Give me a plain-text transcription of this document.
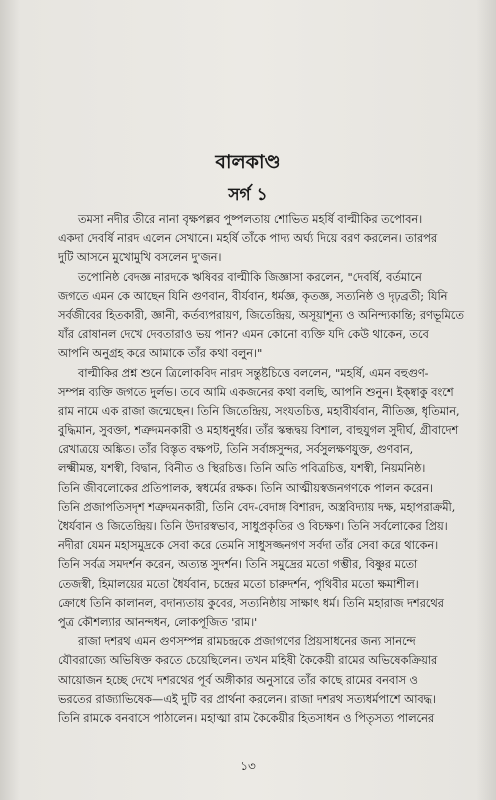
বালকাণ্ড
সর্গ ১
তমসা নদীর তীরে নানা বৃক্ষপল্লব পুষ্পলতায় শোভিত মহর্ষি বাল্মীকির তপোবন।
একদা দেবর্ষি নারদ এলেন সেখানে। মহর্ষি তাঁকে পাদ্য অর্ঘ্য দিয়ে বরণ করলেন। তারপর
দুটি আসনে মুখোমুখি বসলেন দু'জন।
তপোনিষ্ঠ বেদজ্ঞ নারদকে ঋষিবর বাল্মীকি জিজ্ঞাসা করলেন, "দেবর্ষি, বর্তমানে
জগতে এমন কে আছেন যিনি গুণবান, বীর্যবান, ধর্মজ্ঞ, কৃতজ্ঞ, সত্যনিষ্ঠ ও দৃঢ়ব্রতী; যিনি
সর্বজীবের হিতকারী, জ্ঞানী, কর্তব্যপরায়ণ, জিতেন্দ্রিয়, অসূয়াশূন্য ও অনিন্দ্যকান্তি; রণভূমিতে
যাঁর রোষানল দেখে দেবতারাও ভয় পান? এমন কোনো ব্যক্তি যদি কেউ থাকেন, তবে
আপনি অনুগ্রহ করে আমাকে তাঁর কথা বলুন।"
বাল্মীকির প্রশ্ন শুনে ত্রিলোকবিদ নারদ সন্তুষ্টচিত্তে বললেন, "মহর্ষি, এমন বহুগুণ-
সম্পন্ন ব্যক্তি জগতে দুর্লভ। তবে আমি একজনের কথা বলছি, আপনি শুনুন। ইক্ষ্বাকু বংশে
রাম নামে এক রাজা জন্মেছেন। তিনি জিতেন্দ্রিয়, সংযতচিত্ত, মহাবীর্যবান, নীতিজ্ঞ, ধৃতিমান,
বুদ্ধিমান, সুবক্তা, শত্রুদমনকারী ও মহাধনুর্ধর। তাঁর স্কন্ধদ্বয় বিশাল, বাহুযুগল সুদীর্ঘ, গ্রীবাদেশ
রেখাত্রয়ে অঙ্কিত। তাঁর বিস্তৃত বক্ষপট, তিনি সর্বাঙ্গসুন্দর, সর্বসুলক্ষণযুক্ত, গুণবান,
লক্ষ্মীমন্ত, যশস্বী, বিদ্বান, বিনীত ও স্থিরচিত্ত। তিনি অতি পবিত্রচিত্ত, যশস্বী, নিয়মনিষ্ঠ।
তিনি জীবলোকের প্রতিপালক, স্বধর্মের রক্ষক। তিনি আত্মীয়স্বজনগণকে পালন করেন।
তিনি প্রজাপতিসদৃশ শত্রুদমনকারী, তিনি বেদ-বেদাঙ্গ বিশারদ, অস্ত্রবিদ্যায় দক্ষ, মহাপরাক্রমী,
ধৈর্যবান ও জিতেন্দ্রিয়। তিনি উদারস্বভাব, সাধুপ্রকৃতির ও বিচক্ষণ। তিনি সর্বলোকের প্রিয়।
নদীরা যেমন মহাসমুদ্রকে সেবা করে তেমনি সাধুসজ্জনগণ সর্বদা তাঁর সেবা করে থাকেন।
তিনি সর্বত্র সমদর্শন করেন, অত্যন্ত সুদর্শন। তিনি সমুদ্রের মতো গম্ভীর, বিষ্ণুর মতো
তেজস্বী, হিমালয়ের মতো ধৈর্যবান, চন্দ্রের মতো চারুদর্শন, পৃথিবীর মতো ক্ষমাশীল।
ক্রোধে তিনি কালানল, বদান্যতায় কুবের, সত্যনিষ্ঠায় সাক্ষাৎ ধর্ম। তিনি মহারাজ দশরথের
পুত্র কৌশল্যার আনন্দধন, লোকপূজিত 'রাম।'
রাজা দশরথ এমন গুণসম্পন্ন রামচন্দ্রকে প্রজাগণের প্রিয়সাধনের জন্য সানন্দে
যৌবরাজ্যে অভিষিক্ত করতে চেয়েছিলেন। তখন মহিষী কৈকেয়ী রামের অভিষেকক্রিয়ার
আয়োজন হচ্ছে দেখে দশরথের পূর্ব অঙ্গীকার অনুসারে তাঁর কাছে রামের বনবাস ও
ভরতের রাজ্যাভিষেক—এই দুটি বর প্রার্থনা করলেন। রাজা দশরথ সত্যধর্মপাশে আবদ্ধ।
তিনি রামকে বনবাসে পাঠালেন। মহাত্মা রাম কৈকেয়ীর হিতসাধন ও পিতৃসত্য পালনের
১৩
